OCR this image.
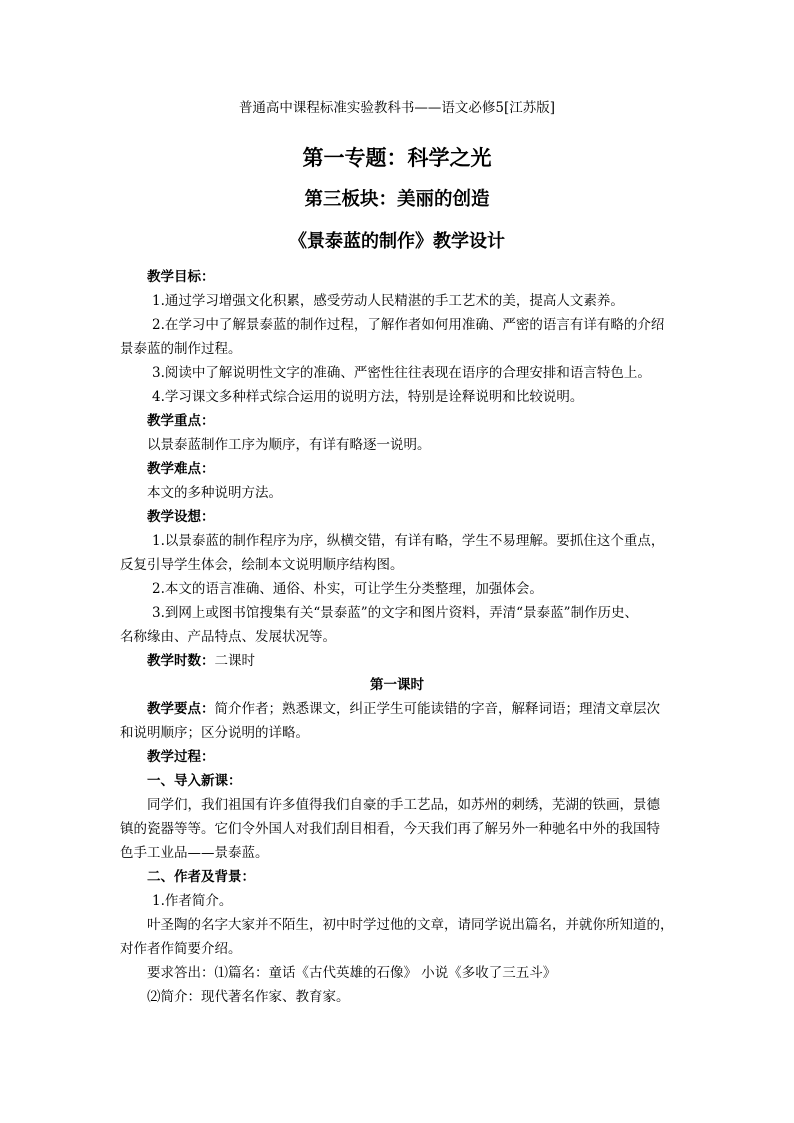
普通高中课程标准实验教科书——语文必修5[江苏版]
第一专题：科学之光
第三板块：美丽的创造
《景泰蓝的制作》教学设计
教学目标：
1.通过学习增强文化积累，感受劳动人民精湛的手工艺术的美，提高人文素养。
2.在学习中了解景泰蓝的制作过程，了解作者如何用准确、严密的语言有详有略的介绍
景泰蓝的制作过程。
3.阅读中了解说明性文字的准确、严密性往往表现在语序的合理安排和语言特色上。
4.学习课文多种样式综合运用的说明方法，特别是诠释说明和比较说明。
教学重点：
以景泰蓝制作工序为顺序，有详有略逐一说明。
教学难点：
本文的多种说明方法。
教学设想：
1.以景泰蓝的制作程序为序，纵横交错，有详有略，学生不易理解。要抓住这个重点，
反复引导学生体会，绘制本文说明顺序结构图。
2.本文的语言准确、通俗、朴实，可让学生分类整理，加强体会。
3.到网上或图书馆搜集有关“景泰蓝”的文字和图片资料，弄清“景泰蓝”制作历史、
名称缘由、产品特点、发展状况等。
教学时数：二课时
第一课时
教学要点：简介作者；熟悉课文，纠正学生可能读错的字音，解释词语；理清文章层次
和说明顺序；区分说明的详略。
教学过程：
一、导入新课：
同学们，我们祖国有许多值得我们自豪的手工艺品，如苏州的刺绣，芜湖的铁画，景德
镇的瓷器等等。它们令外国人对我们刮目相看，今天我们再了解另外一种驰名中外的我国特
色手工业品——景泰蓝。
二、作者及背景：
1.作者简介。
叶圣陶的名字大家并不陌生，初中时学过他的文章，请同学说出篇名，并就你所知道的，
对作者作简要介绍。
要求答出：⑴篇名：童话《古代英雄的石像》 小说《多收了三五斗》
⑵简介：现代著名作家、教育家。
